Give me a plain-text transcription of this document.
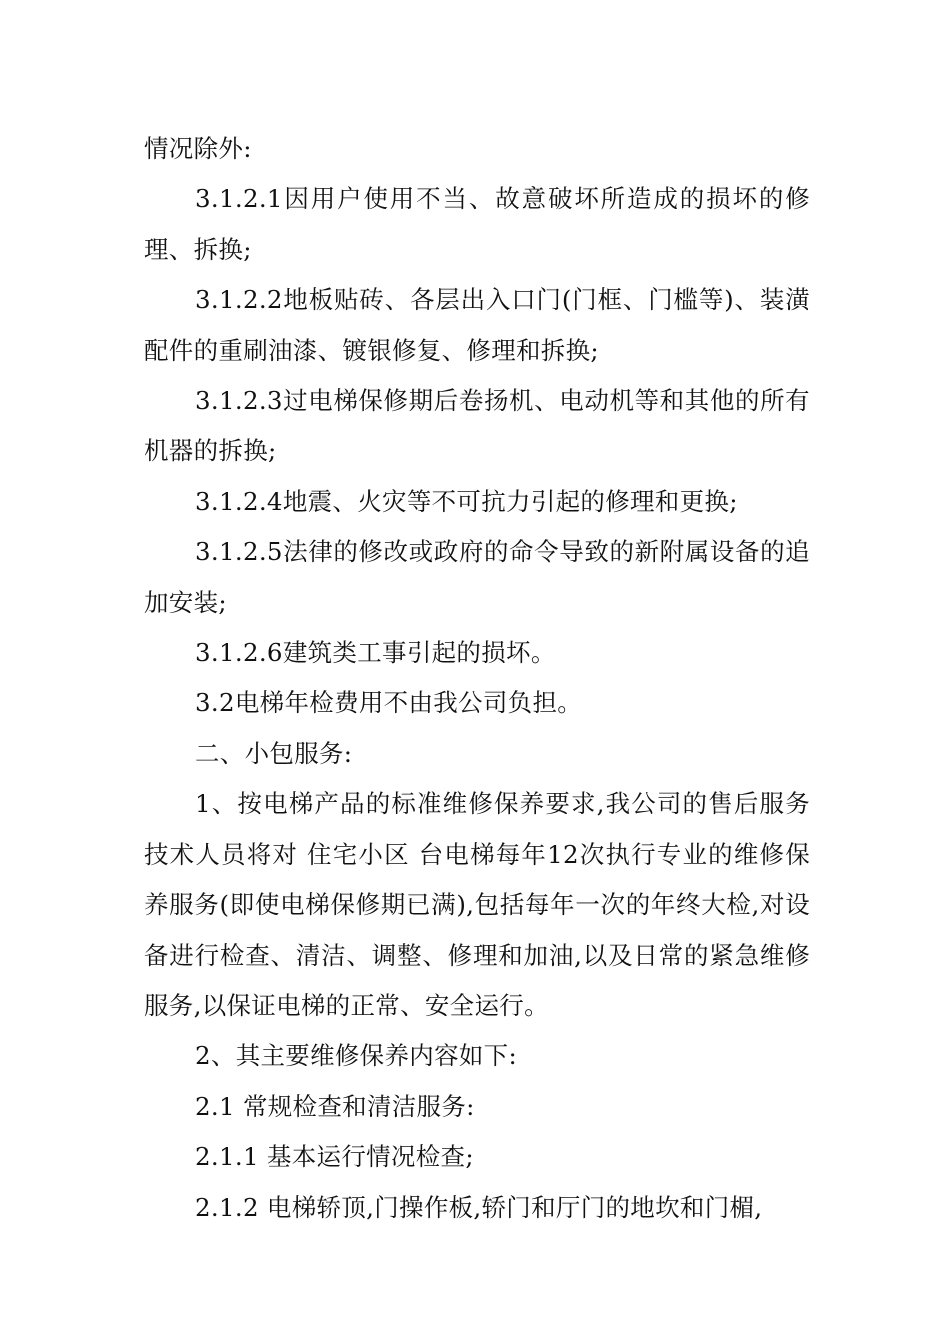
情况除外:

3.1.2.1因用户使用不当、故意破坏所造成的损坏的修理、拆换;

3.1.2.2地板贴砖、各层出入口门(门框、门槛等)、装潢配件的重刷油漆、镀银修复、修理和拆换;

3.1.2.3过电梯保修期后卷扬机、电动机等和其他的所有机器的拆换;

3.1.2.4地震、火灾等不可抗力引起的修理和更换;

3.1.2.5法律的修改或政府的命令导致的新附属设备的追加安装;

3.1.2.6建筑类工事引起的损坏。

3.2电梯年检费用不由我公司负担。

二、小包服务:

1、按电梯产品的标准维修保养要求,我公司的售后服务技术人员将对 住宅小区 台电梯每年12次执行专业的维修保养服务(即使电梯保修期已满),包括每年一次的年终大检,对设备进行检查、清洁、调整、修理和加油,以及日常的紧急维修服务,以保证电梯的正常、安全运行。

2、其主要维修保养内容如下:

2.1 常规检查和清洁服务:

2.1.1 基本运行情况检查;

2.1.2 电梯轿顶,门操作板,轿门和厅门的地坎和门楣,
